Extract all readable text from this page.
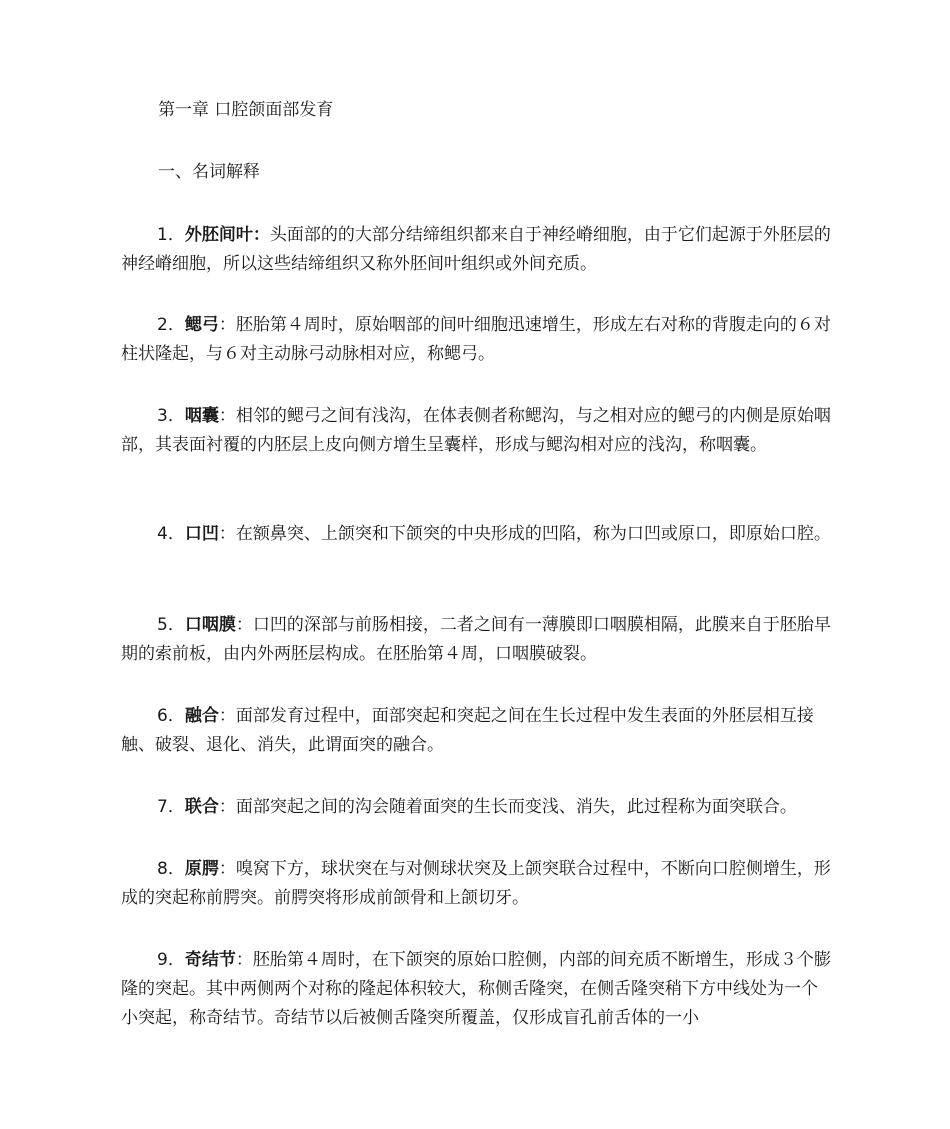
第一章 口腔颌面部发育
一、名词解释

1．外胚间叶：头面部的的大部分结缔组织都来自于神经嵴细胞，由于它们起源于外胚层的神经嵴细胞，所以这些结缔组织又称外胚间叶组织或外间充质。

2．鳃弓：胚胎第４周时，原始咽部的间叶细胞迅速增生，形成左右对称的背腹走向的６对柱状隆起，与６对主动脉弓动脉相对应，称鳃弓。

3．咽囊：相邻的鳃弓之间有浅沟，在体表侧者称鳃沟，与之相对应的鳃弓的内侧是原始咽部，其表面衬覆的内胚层上皮向侧方增生呈囊样，形成与鳃沟相对应的浅沟，称咽囊。

4．口凹：在额鼻突、上颌突和下颌突的中央形成的凹陷，称为口凹或原口，即原始口腔。

5．口咽膜：口凹的深部与前肠相接，二者之间有一薄膜即口咽膜相隔，此膜来自于胚胎早期的索前板，由内外两胚层构成。在胚胎第４周，口咽膜破裂。

6．融合：面部发育过程中，面部突起和突起之间在生长过程中发生表面的外胚层相互接触、破裂、退化、消失，此谓面突的融合。

7．联合：面部突起之间的沟会随着面突的生长而变浅、消失，此过程称为面突联合。

8．原腭：嗅窝下方，球状突在与对侧球状突及上颌突联合过程中，不断向口腔侧增生，形成的突起称前腭突。前腭突将形成前颌骨和上颌切牙。

9．奇结节：胚胎第４周时，在下颌突的原始口腔侧，内部的间充质不断增生，形成３个膨隆的突起。其中两侧两个对称的隆起体积较大，称侧舌隆突，在侧舌隆突稍下方中线处为一个小突起，称奇结节。奇结节以后被侧舌隆突所覆盖，仅形成盲孔前舌体的一小
